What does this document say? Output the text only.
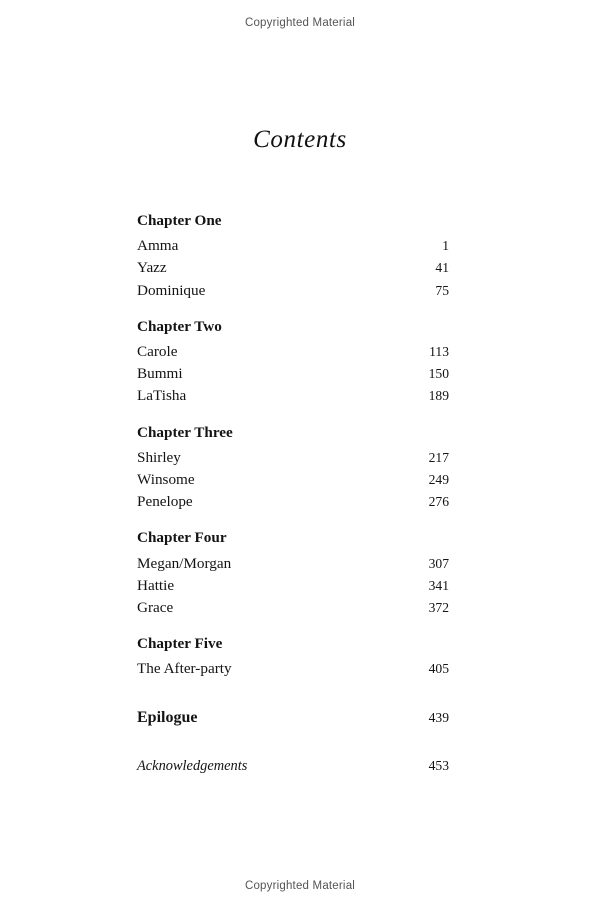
Copyrighted Material
Contents
Chapter One
Amma	1
Yazz	41
Dominique	75
Chapter Two
Carole	113
Bummi	150
LaTisha	189
Chapter Three
Shirley	217
Winsome	249
Penelope	276
Chapter Four
Megan/Morgan	307
Hattie	341
Grace	372
Chapter Five
The After-party	405
Epilogue	439
Acknowledgements	453
Copyrighted Material
